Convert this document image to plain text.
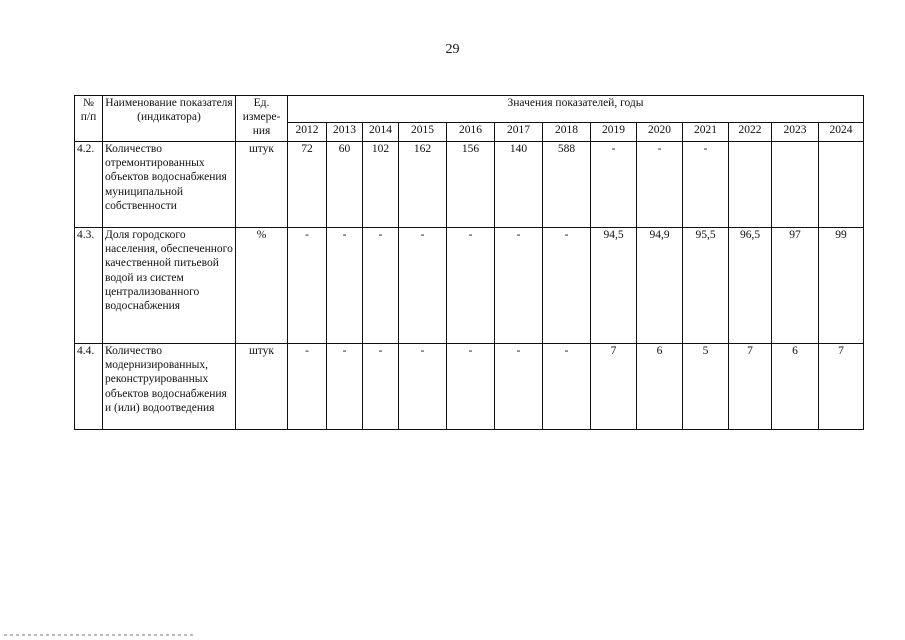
29
№ п/п	Наименование показателя (индикатора)	Ед. измере-ния	Значения показателей, годы												
			2012	2013	2014	2015	2016	2017	2018	2019	2020	2021	2022	2023	2024
4.2.	Количество отремонтированных объектов водоснабжения муниципальной собственности	штук	72	60	102	162	156	140	588	-	-	-			
4.3.	Доля городского населения, обеспеченного качественной питьевой водой из систем централизованного водоснабжения	%	-	-	-	-	-	-	-	94,5	94,9	95,5	96,5	97	99
4.4.	Количество модернизированных, реконструированных объектов водоснабжения и (или) водоотведения	штук	-	-	-	-	-	-	-	7	6	5	7	6	7
